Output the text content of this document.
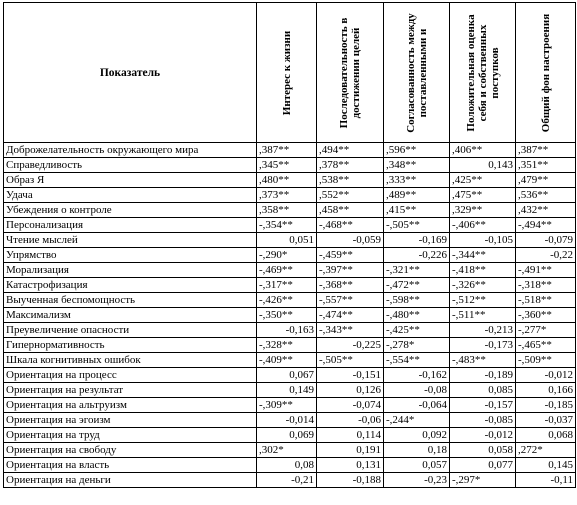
Показатель	Интерес к жизни	Последовательность в достижении целей	Согласованность между поставленными и	Положительная оценка себя и собственных поступков	Общий фон настроения

Доброжелательность окружающего мира	,387**	,494**	,596**	,406**	,387**
Справедливость	,345**	,378**	,348**	0,143	,351**
Образ Я	,480**	,538**	,333**	,425**	,479**
Удача	,373**	,552**	,489**	,475**	,536**
Убеждения о контроле	,358**	,458**	,415**	,329**	,432**
Персонализация	-,354**	-,468**	-,505**	-,406**	-,494**
Чтение мыслей	0,051	-0,059	-0,169	-0,105	-0,079
Упрямство	-,290*	-,459**	-0,226	-,344**	-0,22
Морализация	-,469**	-,397**	-,321**	-,418**	-,491**
Катастрофизация	-,317**	-,368**	-,472**	-,326**	-,318**
Выученная беспомощность	-,426**	-,557**	-,598**	-,512**	-,518**
Максимализм	-,350**	-,474**	-,480**	-,511**	-,360**
Преувеличение опасности	-0,163	-,343**	-,425**	-0,213	-,277*
Гипернормативность	-,328**	-0,225	-,278*	-0,173	-,465**
Шкала когнитивных ошибок	-,409**	-,505**	-,554**	-,483**	-,509**
Ориентация на процесс	0,067	-0,151	-0,162	-0,189	-0,012
Ориентация на результат	0,149	0,126	-0,08	0,085	0,166
Ориентация на альтруизм	-,309**	-0,074	-0,064	-0,157	-0,185
Ориентация на эгоизм	-0,014	-0,06	-,244*	-0,085	-0,037
Ориентация на труд	0,069	0,114	0,092	-0,012	0,068
Ориентация на свободу	,302*	0,191	0,18	0,058	,272*
Ориентация на власть	0,08	0,131	0,057	0,077	0,145
Ориентация на деньги	-0,21	-0,188	-0,23	-,297*	-0,11
